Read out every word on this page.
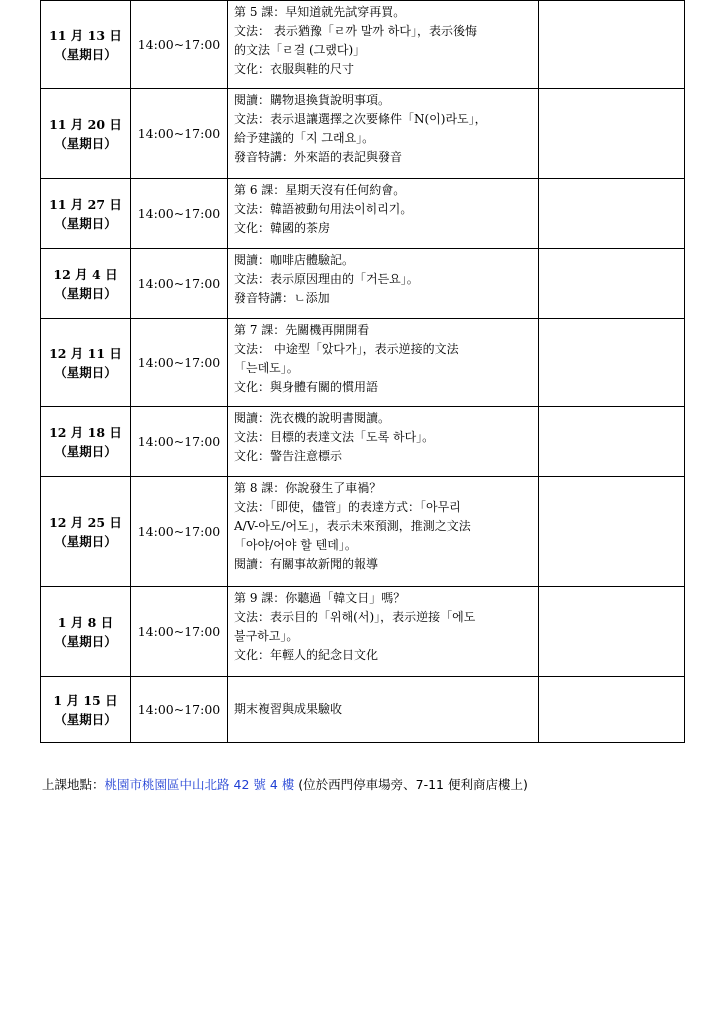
11 月 13 日
（星期日）	14:00~17:00	第 5 課：早知道就先試穿再買。
文法： 表示猶豫「ㄹ까 말까 하다」，表示後悔
的文法「ㄹ걸 (그랬다)」
文化：衣服與鞋的尺寸	

11 月 20 日
（星期日）	14:00~17:00	閱讀：購物退換貨說明事項。
文法：表示退讓選擇之次要條件「N(이)라도」，
給予建議的「지 그래요」。
發音特講：外來語的表記與發音	

11 月 27 日
（星期日）	14:00~17:00	第 6 課：星期天沒有任何約會。
文法：韓語被動句用法이히리기。
文化：韓國的茶房	

12 月 4 日
（星期日）	14:00~17:00	閱讀：咖啡店體驗記。
文法：表示原因理由的「거든요」。
發音特講：ㄴ添加	

12 月 11 日
（星期日）	14:00~17:00	第 7 課：先關機再開開看
文法： 中途型「았다가」，表示逆接的文法
「는데도」。
文化：與身體有關的慣用語	

12 月 18 日
（星期日）	14:00~17:00	閱讀：洗衣機的說明書閱讀。
文法：目標的表達文法「도록 하다」。
文化：警告注意標示	

12 月 25 日
（星期日）	14:00~17:00	第 8 課：你說發生了車禍？
文法：「即使，儘管」的表達方式：「아무리
A/V-아도/어도」，表示未來預測，推測之文法
「아야/어야 할 텐데」。
閱讀：有關事故新聞的報導	

1 月 8 日
（星期日）	14:00~17:00	第 9 課：你聽過「韓文日」嗎？
文法：表示目的「위해(서)」，表示逆接「에도
불구하고」。
文化：年輕人的紀念日文化	

1 月 15 日
（星期日）	14:00~17:00	期末複習與成果驗收	

上課地點：桃園市桃園區中山北路 42 號 4 樓 (位於西門停車場旁、7-11 便利商店樓上)
